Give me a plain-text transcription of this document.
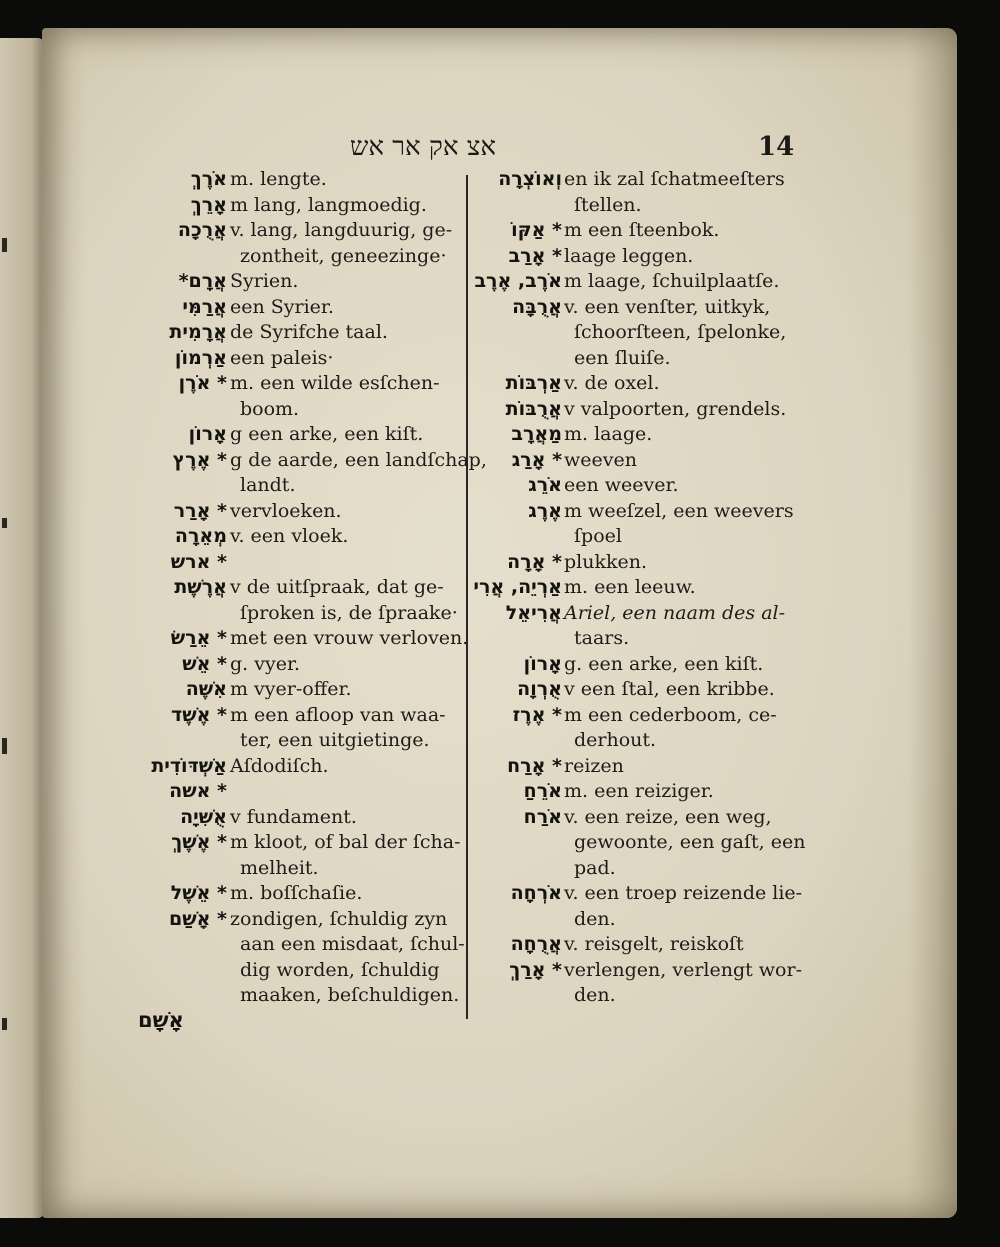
אצ אק אר אש	14
אֹרֶךְ m. lengte.
אָרֵךְ m lang, langmoedig.
אֲרֻכָה v. lang, langduurig, ge-
zontheit, geneezinge·
אֲרָם* Syrien.
אֲרַמִּי een Syrier.
אֲרָמִית de Syrifche taal.
אַרְמוֹן een paleis·
* אֹרֶן m. een wilde esſchen-
boom.
אָרוֹן g een arke, een kiſt.
* אֶרֶץ g de aarde, een landſchap,
landt.
* אָרַר vervloeken.
מְאֵרָה v. een vloek.
* ארש
אֲרֶשֶׁת v de uitſpraak, dat ge-
ſproken is, de ſpraake·
* אֵרַשׂ met een vrouw verloven.
* אֵשׁ g. vyer.
אִשֶּׁה m vyer-offer.
* אֶשֶׁד m een afloop van waa-
ter, een uitgietinge.
אַשְׁדּוֹדִית Aſdodiſch.
* אשה
אֻשִּׁיָה v fundament.
* אֶשֶׁךְ m kloot, of bal der ſcha-
melheit.
* אֵשֶׁל m. boſſchaſie.
* אָשַׁם zondigen, ſchuldig zyn
aan een misdaat, ſchul-
dig worden, ſchuldig
maaken, beſchuldigen.
וְאוֹצְרָה en ik zal ſchatmeeſters
ſtellen.
* אַקּוֹ m een ſteenbok.
* אָרַב laage leggen.
אֹרֶב, אֶרֶב m laage, ſchuilplaatſe.
אֲרֻבָּה v. een venſter, uitkyk,
ſchoorſteen, ſpelonke,
een ſluiſe.
אַרְבּוֹת v. de oxel.
אֲרֻבּוֹת v valpoorten, grendels.
מַאֲרָב m. laage.
* אָרַג weeven
אֹרֵג een weever.
אֶרֶג m weeſzel, een weevers
ſpoel
* אָרָה plukken.
אַרְיֵה, אֲרִי m. een leeuw.
אֲרִיאֵל Ariel, een naam des al-
taars.
אָרוֹן g. een arke, een kiſt.
אֻרְוָה v een ſtal, een kribbe.
* אֶרֶז m een cederboom, ce-
derhout.
* אָרַח reizen
אֹרֵחַ m. een reiziger.
אֹרַח v. een reize, een weg,
gewoonte, een gaſt, een
pad.
אֹרְחָה v. een troep reizende lie-
den.
אֲרֻחָה v. reisgelt, reiskoſt
* אָרַךְ verlengen, verlengt wor-
den.
אָשָׁם
